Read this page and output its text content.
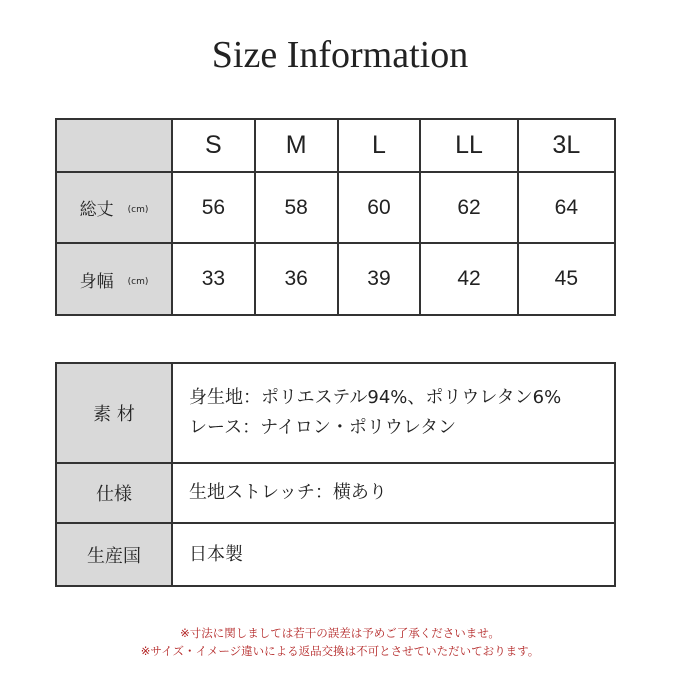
Size Information
	S	M	L	LL	3L
総丈 (cm)	56	58	60	62	64
身幅 (cm)	33	36	39	42	45
素 材	身生地：ポリエステル94%、ポリウレタン6%
レース：ナイロン・ポリウレタン

仕様	生地ストレッチ：横あり
生産国	日本製
※寸法に関しましては若干の誤差は予めご了承くださいませ。
※サイズ・イメージ違いによる返品交換は不可とさせていただいております。
